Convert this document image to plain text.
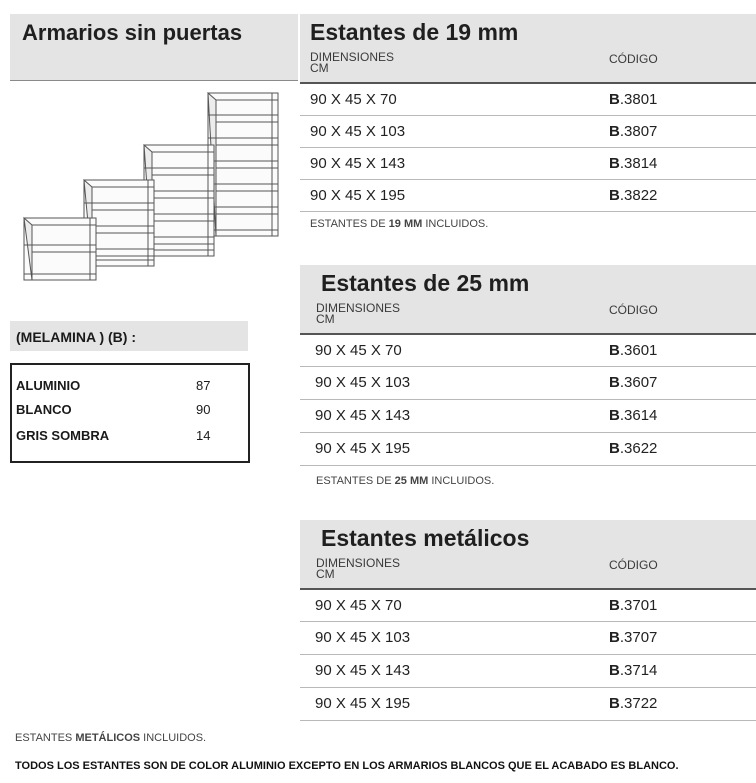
Armarios sin puertas
(MELAMINA ) (B) :
ALUMINIO	87
BLANCO	90
GRIS SOMBRA	14
Estantes de 19 mm
DIMENSIONES
CM
CÓDIGO
90 X 45 X 70	B.3801
90 X 45 X 103	B.3807
90 X 45 X 143	B.3814
90 X 45 X 195	B.3822
ESTANTES DE 19 MM INCLUIDOS.
Estantes de 25 mm
DIMENSIONES
CM
CÓDIGO
90 X 45 X 70	B.3601
90 X 45 X 103	B.3607
90 X 45 X 143	B.3614
90 X 45 X 195	B.3622
ESTANTES DE 25 MM INCLUIDOS.
Estantes metálicos
DIMENSIONES
CM
CÓDIGO
90 X 45 X 70	B.3701
90 X 45 X 103	B.3707
90 X 45 X 143	B.3714
90 X 45 X 195	B.3722
ESTANTES METÁLICOS INCLUIDOS.
TODOS LOS ESTANTES SON DE COLOR ALUMINIO EXCEPTO EN LOS ARMARIOS BLANCOS QUE EL ACABADO ES BLANCO.
